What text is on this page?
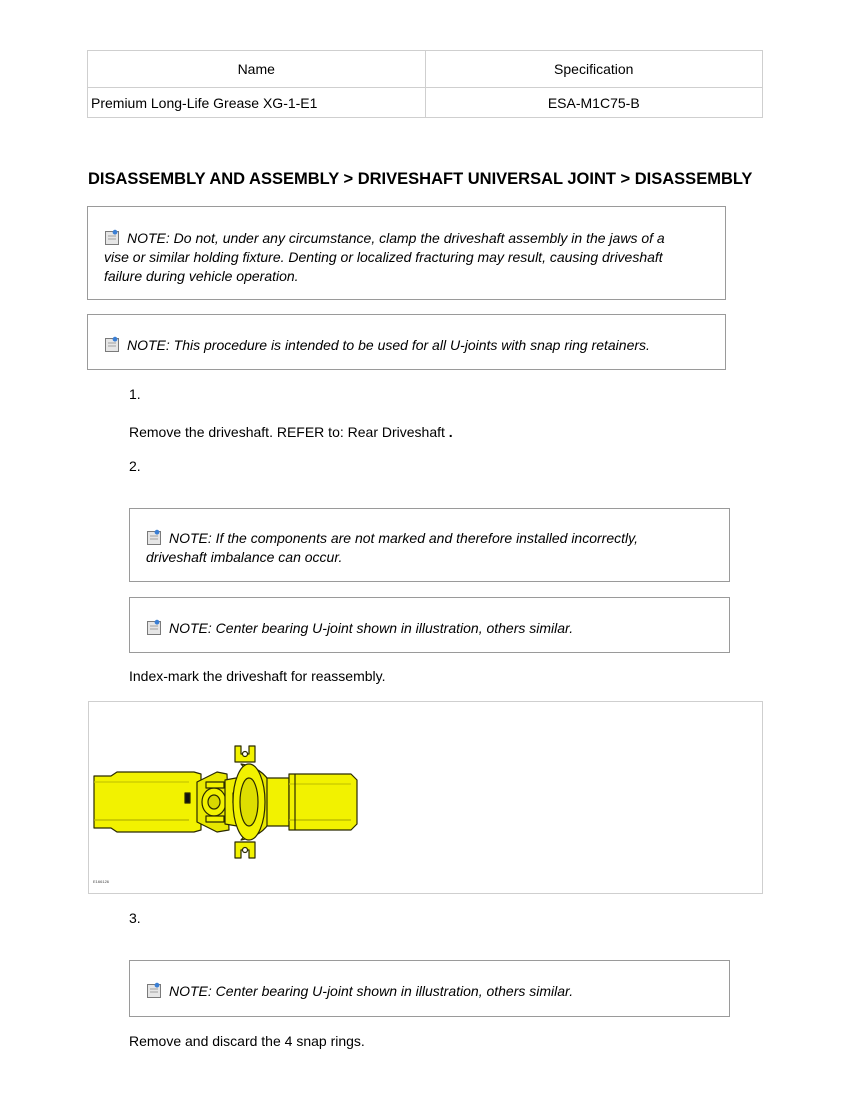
Name	Specification
Premium Long-Life Grease XG-1-E1	ESA-M1C75-B
DISASSEMBLY AND ASSEMBLY > DRIVESHAFT UNIVERSAL JOINT > DISASSEMBLY
NOTE: Do not, under any circumstance, clamp the driveshaft assembly in the jaws of a
vise or similar holding fixture. Denting or localized fracturing may result, causing driveshaft
failure during vehicle operation.
NOTE: This procedure is intended to be used for all U-joints with snap ring retainers.
1.
Remove the driveshaft. REFER to: Rear Driveshaft .
2.
NOTE: If the components are not marked and therefore installed incorrectly,
driveshaft imbalance can occur.
NOTE: Center bearing U-joint shown in illustration, others similar.
Index-mark the driveshaft for reassembly.
E166126
3.
NOTE: Center bearing U-joint shown in illustration, others similar.
Remove and discard the 4 snap rings.
